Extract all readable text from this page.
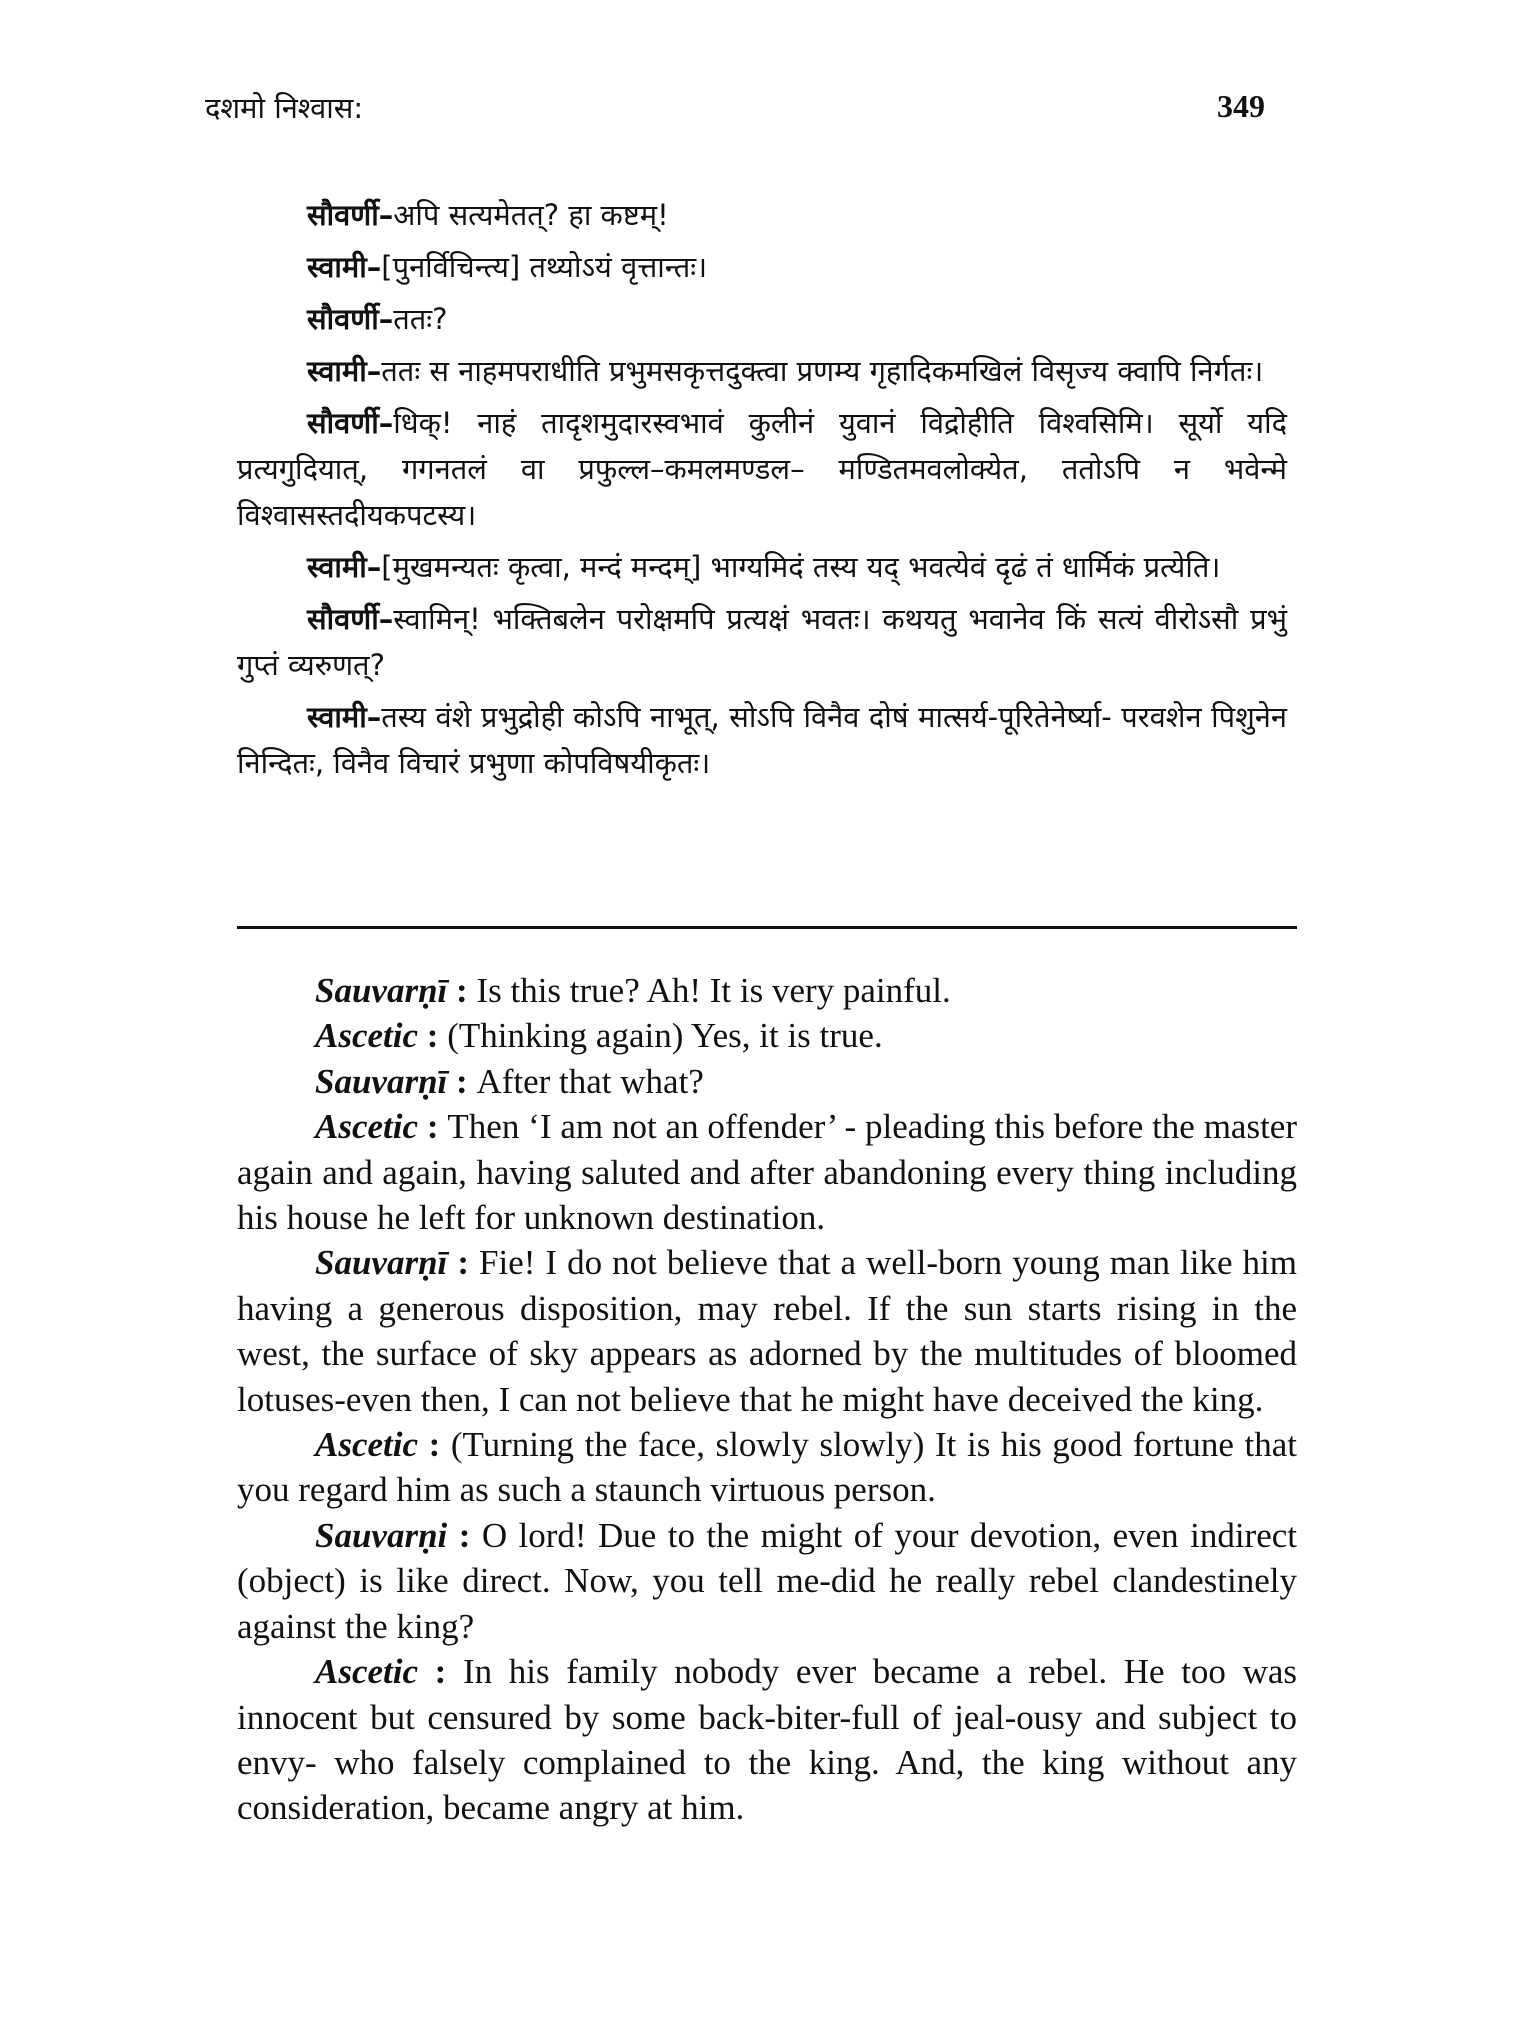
दशमो निश्वास:	349

सौवर्णी–अपि सत्यमेतत्? हा कष्टम्!

स्वामी–[पुनर्विचिन्त्य] तथ्योऽयं वृत्तान्तः।

सौवर्णी–ततः?

स्वामी–ततः स नाहमपराधीति प्रभुमसकृत्तदुक्त्वा प्रणम्य गृहादिकमखिलं विसृज्य क्वापि निर्गतः।

सौवर्णी–धिक्! नाहं तादृशमुदारस्वभावं कुलीनं युवानं विद्रोहीति विश्वसिमि। सूर्यो यदि प्रत्यगुदियात्, गगनतलं वा प्रफुल्ल–कमलमण्डल– मण्डितमवलोक्येत, ततोऽपि न भवेन्मे विश्वासस्तदीयकपटस्य।

स्वामी–[मुखमन्यतः कृत्वा, मन्दं मन्दम्] भाग्यमिदं तस्य यद् भवत्येवं दृढं तं धार्मिकं प्रत्येति।

सौवर्णी–स्वामिन्! भक्तिबलेन परोक्षमपि प्रत्यक्षं भवतः। कथयतु भवानेव किं सत्यं वीरोऽसौ प्रभुं गुप्तं व्यरुणत्?

स्वामी–तस्य वंशे प्रभुद्रोही कोऽपि नाभूत्, सोऽपि विनैव दोषं मात्सर्य-पूरितेनेर्ष्या- परवशेन पिशुनेन निन्दितः, विनैव विचारं प्रभुणा कोपविषयीकृतः।

Sauvarṇī : Is this true? Ah! It is very painful.

Ascetic : (Thinking again) Yes, it is true.

Sauvarṇī : After that what?

Ascetic : Then ‘I am not an offender’ - pleading this before the master again and again, having saluted and after abandoning every thing including his house he left for unknown destination.

Sauvarṇī : Fie! I do not believe that a well-born young man like him having a generous disposition, may rebel. If the sun starts rising in the west, the surface of sky appears as adorned by the multitudes of bloomed lotuses-even then, I can not believe that he might have deceived the king.

Ascetic : (Turning the face, slowly slowly) It is his good fortune that you regard him as such a staunch virtuous person.

Sauvarṇi : O lord! Due to the might of your devotion, even indirect (object) is like direct. Now, you tell me-did he really rebel clandestinely against the king?

Ascetic : In his family nobody ever became a rebel. He too was innocent but censured by some back-biter-full of jeal-ousy and subject to envy- who falsely complained to the king. And, the king without any consideration, became angry at him.
